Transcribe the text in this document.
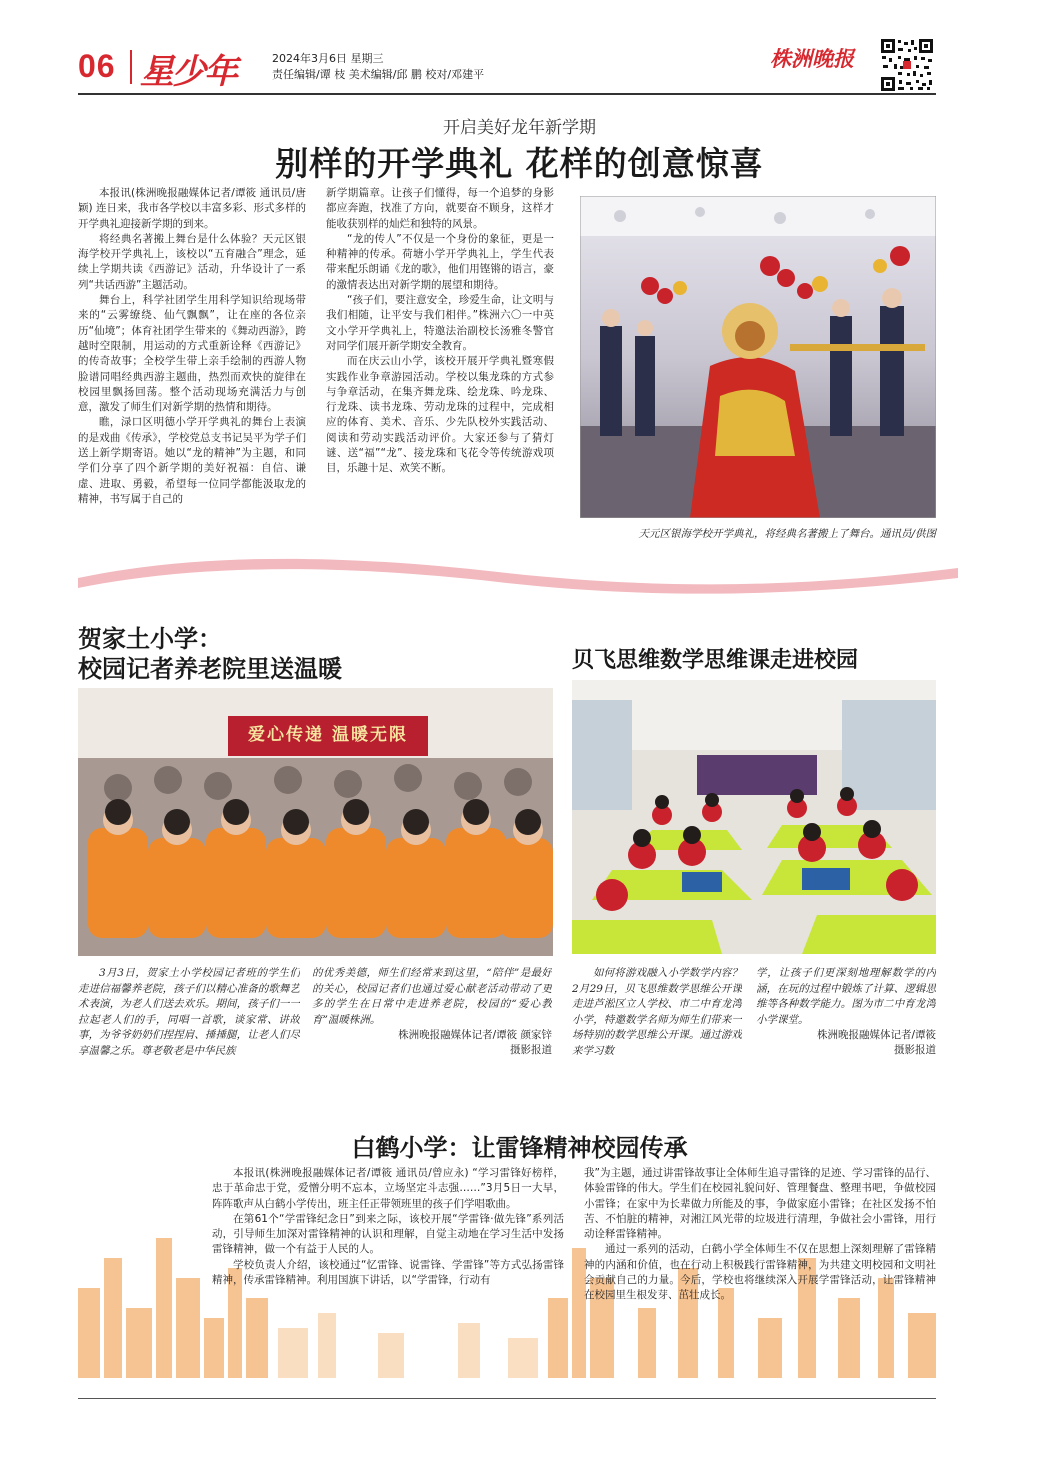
06 星少年	2024年3月6日 星期三
责任编辑/谭 枝 美术编辑/邱 鹏 校对/邓建平
株洲晚报
开启美好龙年新学期
别样的开学典礼 花样的创意惊喜

本报讯(株洲晚报融媒体记者/谭筱 通讯员/唐颖) 连日来，我市各学校以丰富多彩、形式多样的开学典礼迎接新学期的到来。

将经典名著搬上舞台是什么体验？天元区银海学校开学典礼上，该校以“五育融合”理念，延续上学期共读《西游记》活动，升华设计了一系列“共话西游”主题活动。

舞台上，科学社团学生用科学知识给现场带来的“云雾缭绕、仙气飘飘”，让在座的各位亲历“仙境”；体育社团学生带来的《舞动西游》，跨越时空限制，用运动的方式重新诠释《西游记》的传奇故事；全校学生带上亲手绘制的西游人物脸谱同唱经典西游主题曲，热烈而欢快的旋律在校园里飘扬回荡。整个活动现场充满活力与创意，激发了师生们对新学期的热情和期待。

瞧，渌口区明德小学开学典礼的舞台上表演的是戏曲《传承》，学校党总支书记吴平为学子们送上新学期寄语。她以“龙的精神”为主题，和同学们分享了四个新学期的美好祝福：自信、谦虚、进取、勇毅，希望每一位同学都能汲取龙的精神，书写属于自己的

新学期篇章。让孩子们懂得，每一个追梦的身影都应奔跑，找准了方向，就要奋不顾身，这样才能收获别样的灿烂和独特的风景。

“龙的传人”不仅是一个身份的象征，更是一种精神的传承。荷塘小学开学典礼上，学生代表带来配乐朗诵《龙的歌》，他们用铿锵的语言，豪的激情表达出对新学期的展望和期待。

“孩子们，要注意安全，珍爱生命，让文明与我们相随，让平安与我们相伴。”株洲六〇一中英文小学开学典礼上，特邀法治副校长汤雅冬警官对同学们展开新学期安全教育。

而在庆云山小学，该校开展开学典礼暨寒假实践作业争章游园活动。学校以集龙珠的方式参与争章活动，在集齐舞龙珠、绘龙珠、吟龙珠、行龙珠、读书龙珠、劳动龙珠的过程中，完成相应的体育、美术、音乐、少先队校外实践活动、阅读和劳动实践活动评价。大家还参与了猜灯谜、送“福”“龙”、接龙珠和飞花令等传统游戏项目，乐趣十足、欢笑不断。

天元区银海学校开学典礼，将经典名著搬上了舞台。通讯员/供图
贺家土小学：
校园记者养老院里送温暖
爱心传递 温暖无限

3月3日，贺家土小学校园记者班的学生们走进信福馨养老院，孩子们以精心准备的歌舞艺术表演，为老人们送去欢乐。期间，孩子们一一拉起老人们的手，同唱一首歌，谈家常、讲故事，为爷爷奶奶们捏捏肩、捶捶腿，让老人们尽享温馨之乐。尊老敬老是中华民族

的优秀美德，师生们经常来到这里，“陪伴”是最好的关心，校园记者们也通过爱心献老活动带动了更多的学生在日常中走进养老院，校园的“爱心教育”温暖株洲。

株洲晚报融媒体记者/谭筱 颜家锌

摄影报道

贝飞思维数学思维课走进校园

如何将游戏融入小学数学内容？2月29日，贝飞思维数学思维公开课走进芦淞区立人学校、市二中育龙湾小学，特邀数学名师为师生们带来一场特别的数学思维公开课。通过游戏来学习数

学，让孩子们更深刻地理解数学的内涵，在玩的过程中锻炼了计算、逻辑思维等各种数学能力。图为市二中育龙湾小学课堂。

株洲晚报融媒体记者/谭筱

摄影报道

白鹤小学：让雷锋精神校园传承

本报讯(株洲晚报融媒体记者/谭筱 通讯员/曾应永) “学习雷锋好榜样，忠于革命忠于党，爱憎分明不忘本，立场坚定斗志强……”3月5日一大早，阵阵歌声从白鹤小学传出，班主任正带领班里的孩子们学唱歌曲。

在第61个“学雷锋纪念日”到来之际，该校开展“学雷锋·做先锋”系列活动，引导师生加深对雷锋精神的认识和理解，自觉主动地在学习生活中发扬雷锋精神，做一个有益于人民的人。

学校负责人介绍，该校通过“忆雷锋、说雷锋、学雷锋”等方式弘扬雷锋精神，传承雷锋精神。利用国旗下讲话，以“学雷锋，行动有

我”为主题，通过讲雷锋故事让全体师生追寻雷锋的足迹、学习雷锋的品行、体验雷锋的伟大。学生们在校园礼貌问好、管理餐盘、整理书吧，争做校园小雷锋；在家中为长辈做力所能及的事，争做家庭小雷锋；在社区发扬不怕苦、不怕脏的精神，对湘江风光带的垃圾进行清理，争做社会小雷锋，用行动诠释雷锋精神。

通过一系列的活动，白鹤小学全体师生不仅在思想上深刻理解了雷锋精神的内涵和价值，也在行动上积极践行雷锋精神，为共建文明校园和文明社会贡献自己的力量。今后，学校也将继续深入开展学雷锋活动，让雷锋精神在校园里生根发芽、茁壮成长。
